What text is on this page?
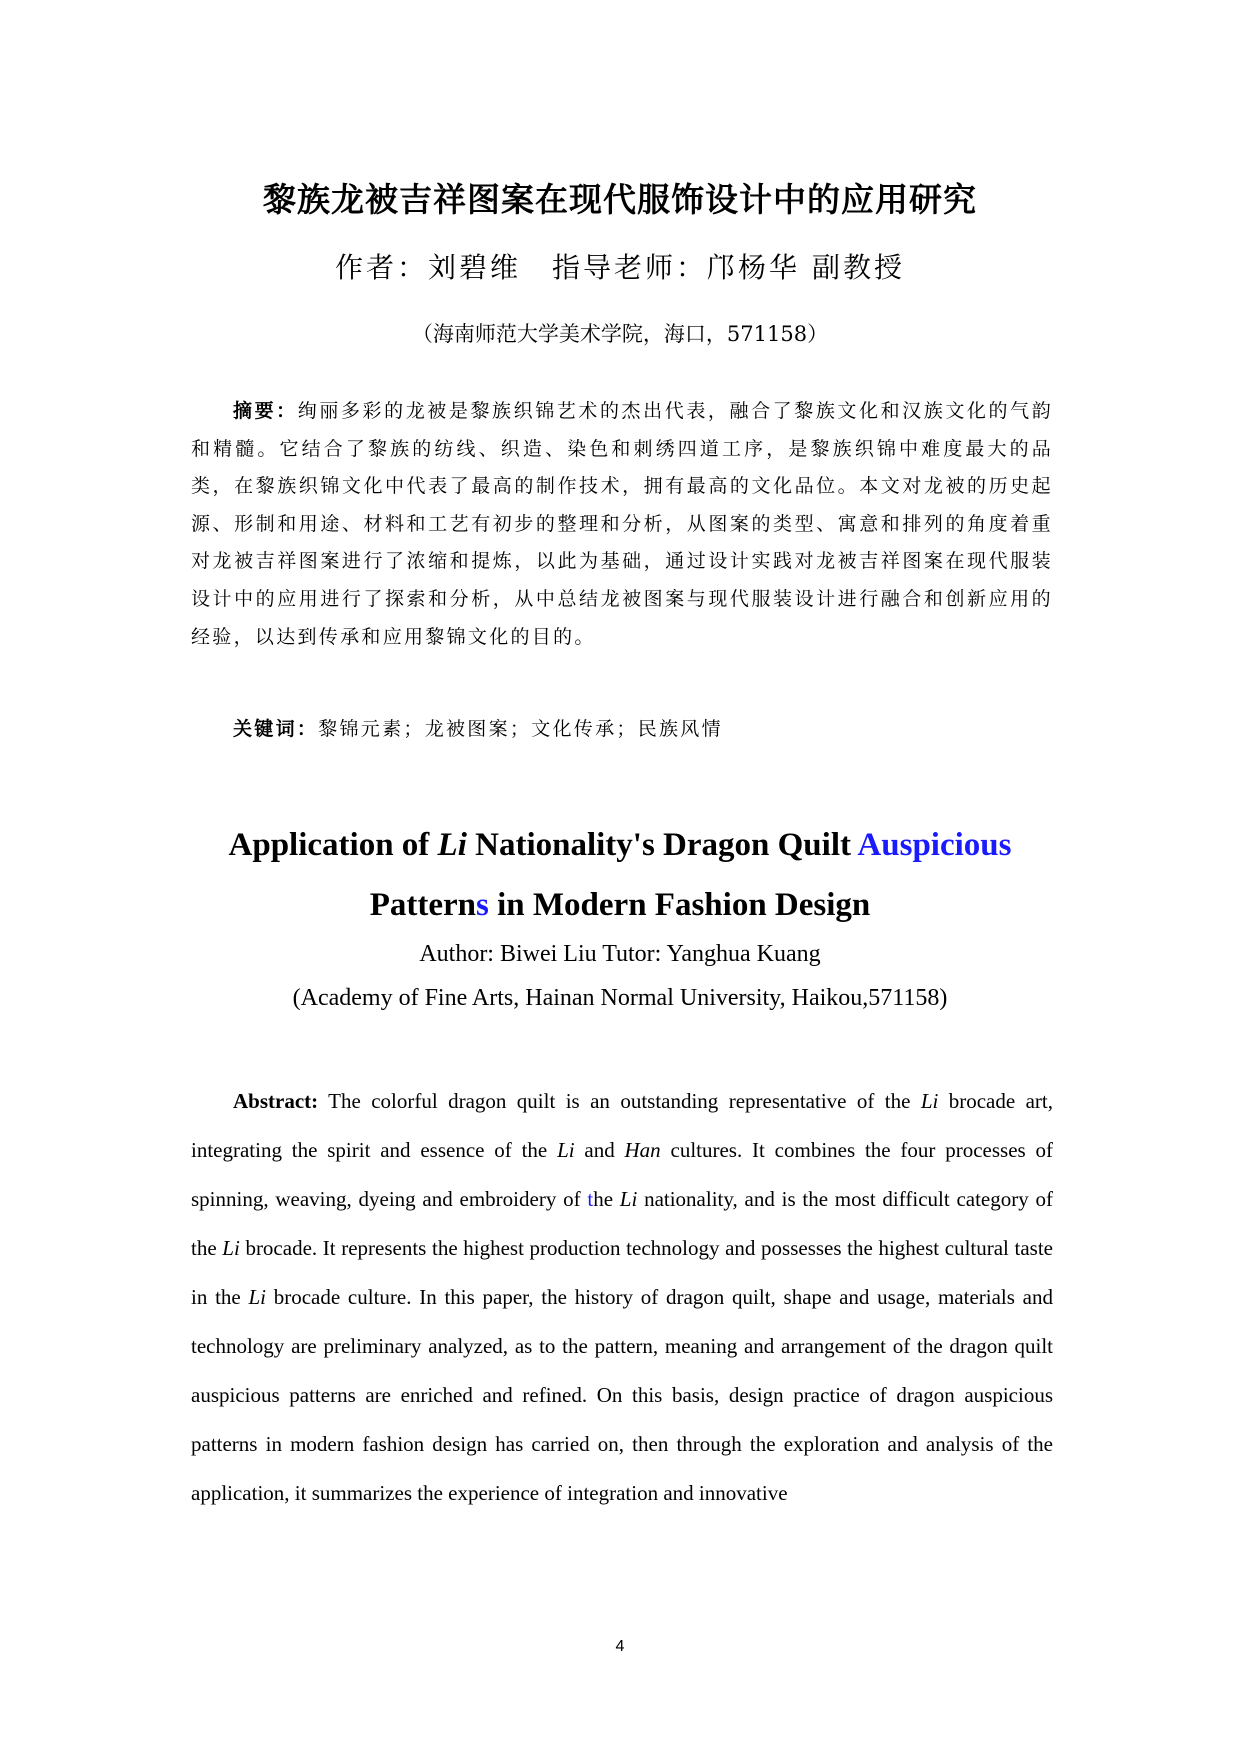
黎族龙被吉祥图案在现代服饰设计中的应用研究
作者：刘碧维　指导老师：邝杨华 副教授
（海南师范大学美术学院，海口，571158）

摘要：绚丽多彩的龙被是黎族织锦艺术的杰出代表，融合了黎族文化和汉族文化的气韵和精髓。它结合了黎族的纺线、织造、染色和刺绣四道工序，是黎族织锦中难度最大的品类，在黎族织锦文化中代表了最高的制作技术，拥有最高的文化品位。本文对龙被的历史起源、形制和用途、材料和工艺有初步的整理和分析，从图案的类型、寓意和排列的角度着重对龙被吉祥图案进行了浓缩和提炼，以此为基础，通过设计实践对龙被吉祥图案在现代服装设计中的应用进行了探索和分析，从中总结龙被图案与现代服装设计进行融合和创新应用的经验，以达到传承和应用黎锦文化的目的。

关键词：黎锦元素；龙被图案；文化传承；民族风情
Application of Li Nationality's Dragon Quilt Auspicious
Patterns in Modern Fashion Design
Author: Biwei Liu Tutor: Yanghua Kuang
(Academy of Fine Arts, Hainan Normal University, Haikou,571158)

Abstract: The colorful dragon quilt is an outstanding representative of the Li brocade art, integrating the spirit and essence of the Li and Han cultures. It combines the four processes of spinning, weaving, dyeing and embroidery of the Li nationality, and is the most difficult category of the Li brocade. It represents the highest production technology and possesses the highest cultural taste in the Li brocade culture. In this paper, the history of dragon quilt, shape and usage, materials and technology are preliminary analyzed, as to the pattern, meaning and arrangement of the dragon quilt auspicious patterns are enriched and refined. On this basis, design practice of dragon auspicious patterns in modern fashion design has carried on, then through the exploration and analysis of the application, it summarizes the experience of integration and innovative

4
